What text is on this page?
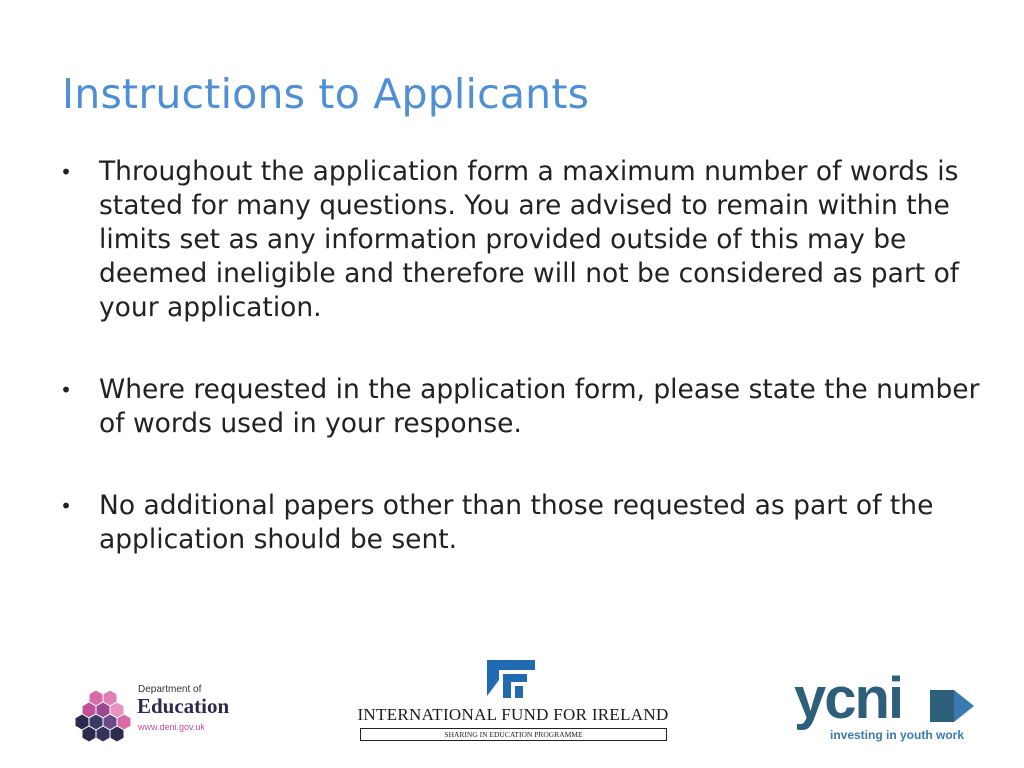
Instructions to Applicants
• Throughout the application form a maximum number of words is stated for many questions. You are advised to remain within the limits set as any information provided outside of this may be deemed ineligible and therefore will not be considered as part of your application.
• Where requested in the application form, please state the number of words used in your response.
• No additional papers other than those requested as part of the application should be sent.
Department of
Education
www.deni.gov.uk
INTERNATIONAL FUND FOR IRELAND
SHARING IN EDUCATION PROGRAMME
ycni
investing in youth work
